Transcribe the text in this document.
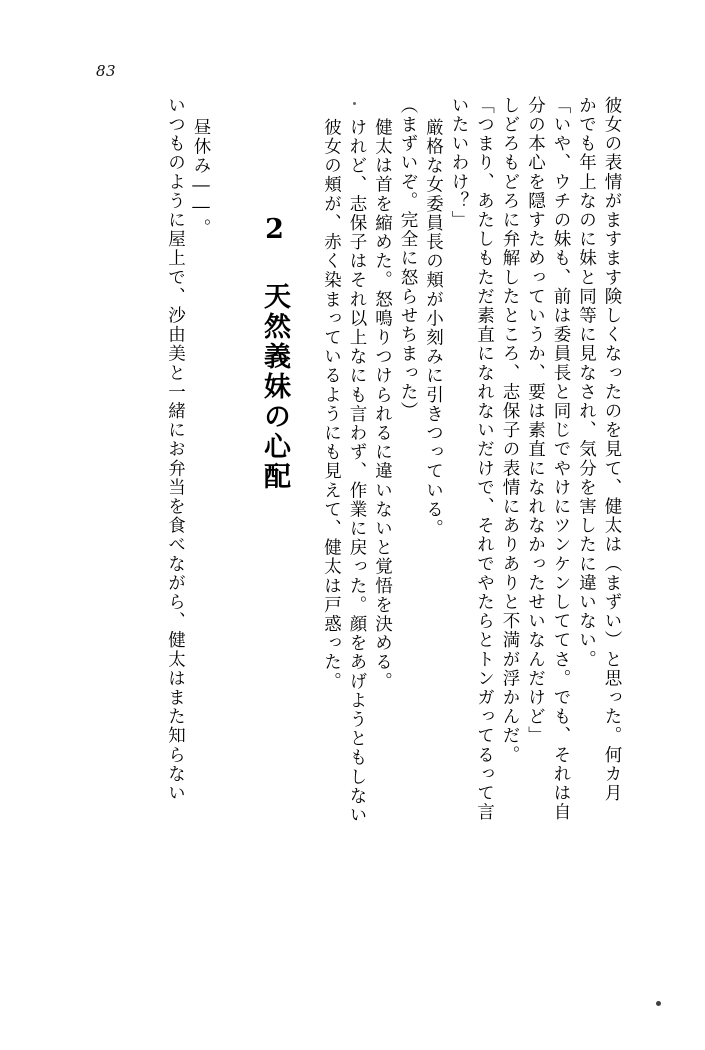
83
彼女の表情がますます険しくなったのを見て、健太は（まずい）と思った。何カ月
かでも年上なのに妹と同等に見なされ、気分を害したに違いない。
「いや、ウチの妹も、前は委員長と同じでやけにツンケンしててさ。でも、それは自
分の本心を隠すためっていうか、要は素直になれなかったせいなんだけど」
しどろもどろに弁解したところ、志保子の表情にありありと不満が浮かんだ。
「つまり、あたしもただ素直になれないだけで、それでやたらとトンガってるって言
いたいわけ？」
厳格な女委員長の頬が小刻みに引きつっている。
（まずいぞ。完全に怒らせちまった）
健太は首を縮めた。怒鳴りつけられるに違いないと覚悟を決める。
けれど、志保子はそれ以上なにも言わず、作業に戻った。顔をあげようともしない
彼女の頬が、赤く染まっているようにも見えて、健太は戸惑った。
2 天然義妹の心配
昼休み――。
いつものように屋上で、沙由美と一緒にお弁当を食べながら、健太はまた知らない
